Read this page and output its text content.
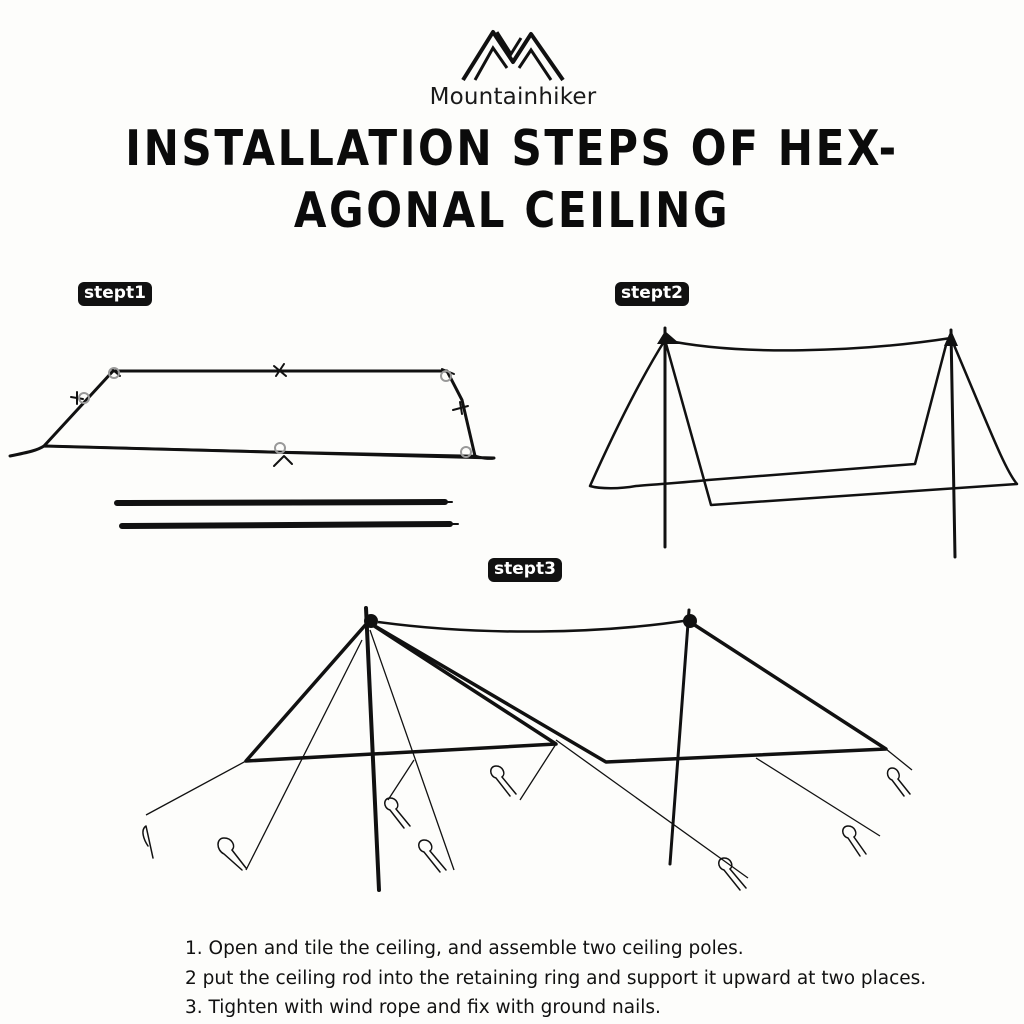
Mountainhiker
INSTALLATION STEPS OF HEX-
AGONAL CEILING
stept1	stept2
stept3
1. Open and tile the ceiling, and assemble two ceiling poles.
2 put the ceiling rod into the retaining ring and support it upward at two places.
3. Tighten with wind rope and fix with ground nails.
